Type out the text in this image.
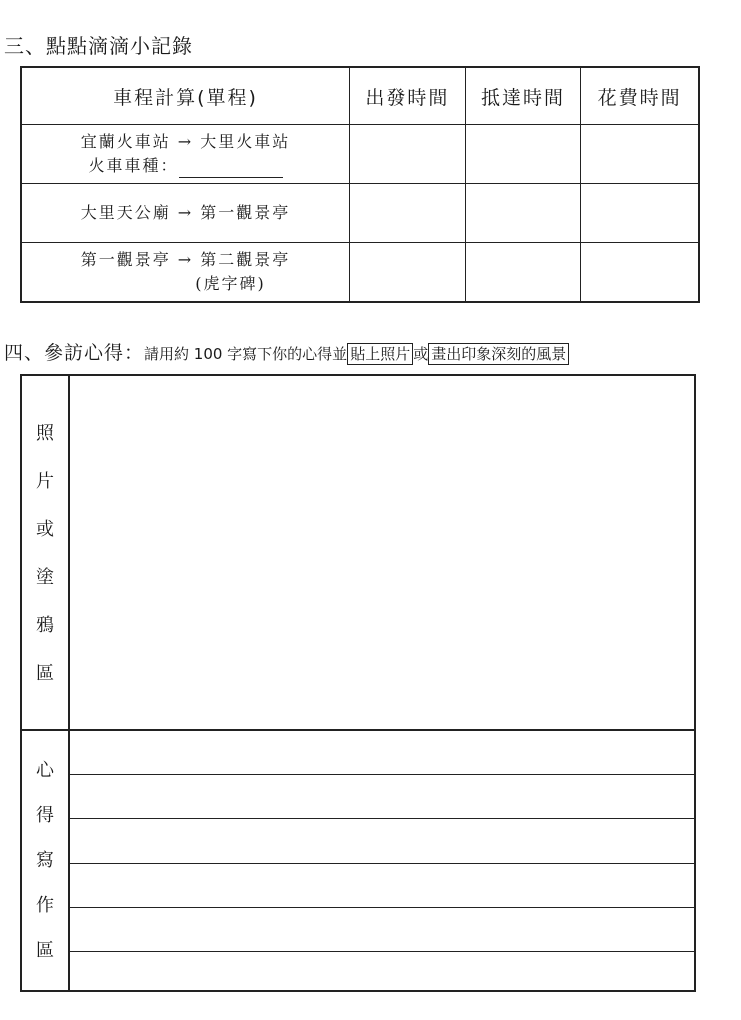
三、點點滴滴小記錄
車程計算(單程)	出發時間	抵達時間	花費時間

宜蘭火車站 → 大里火車站
火車車種：			

大里天公廟 → 第一觀景亭			

第一觀景亭 → 第二觀景亭
(虎字碑)			

四、參訪心得：請用約 100 字寫下你的心得並 貼上照片 或 畫出印象深刻的風景
照
片
或
塗
鴉
區
心
得
寫
作
區
